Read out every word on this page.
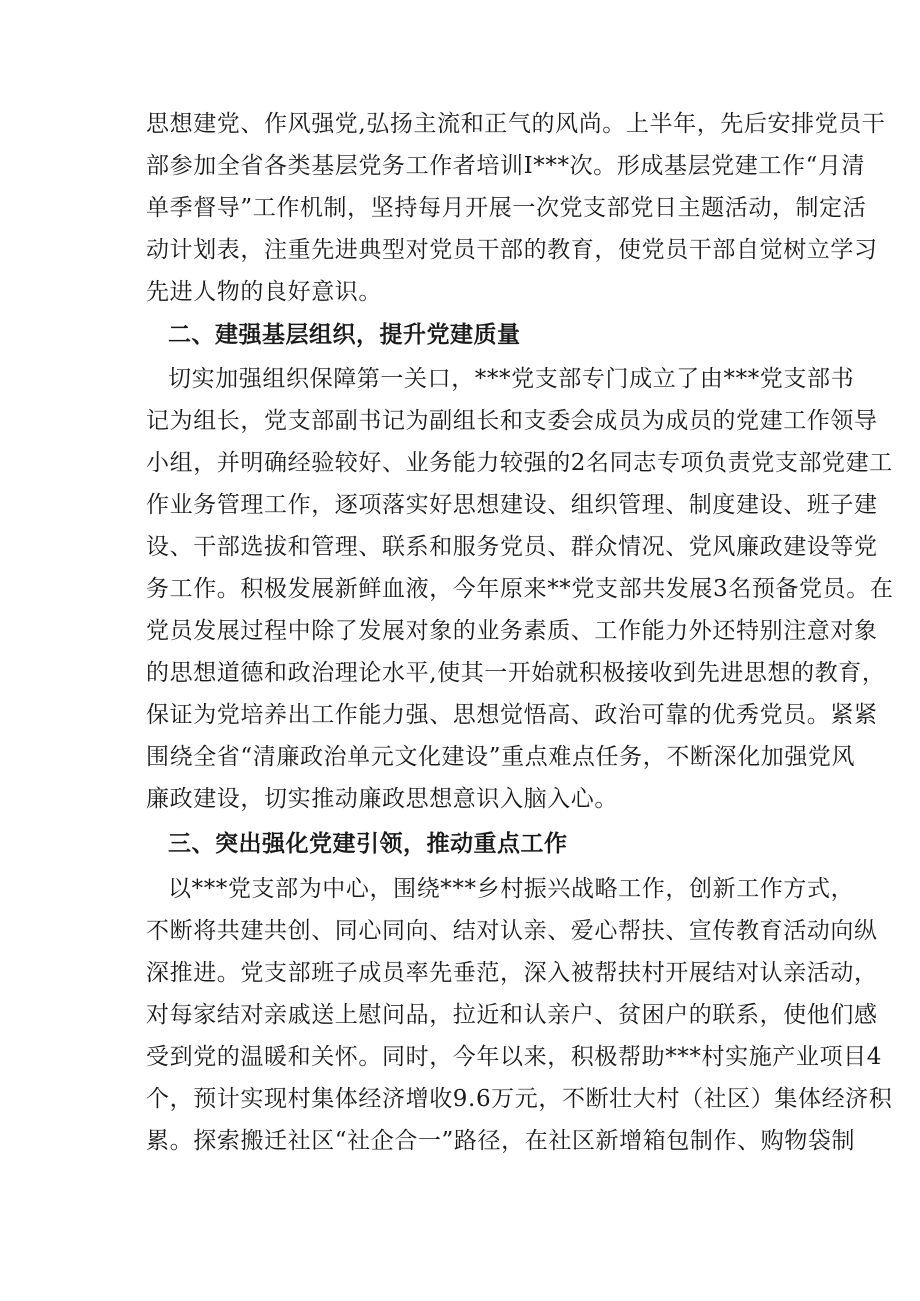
思想建党、作风强党,弘扬主流和正气的风尚。上半年，先后安排党员干
部参加全省各类基层党务工作者培训I***次。形成基层党建工作“月清
单季督导”工作机制，坚持每月开展一次党支部党日主题活动，制定活
动计划表，注重先进典型对党员干部的教育，使党员干部自觉树立学习
先进人物的良好意识。
二、建强基层组织，提升党建质量
切实加强组织保障第一关口，***党支部专门成立了由***党支部书
记为组长，党支部副书记为副组长和支委会成员为成员的党建工作领导
小组，并明确经验较好、业务能力较强的2名同志专项负责党支部党建工
作业务管理工作，逐项落实好思想建设、组织管理、制度建设、班子建
设、干部选拔和管理、联系和服务党员、群众情况、党风廉政建设等党
务工作。积极发展新鲜血液，今年原来**党支部共发展3名预备党员。在
党员发展过程中除了发展对象的业务素质、工作能力外还特别注意对象
的思想道德和政治理论水平,使其一开始就积极接收到先进思想的教育，
保证为党培养出工作能力强、思想觉悟高、政治可靠的优秀党员。紧紧
围绕全省“清廉政治单元文化建设”重点难点任务，不断深化加强党风
廉政建设，切实推动廉政思想意识入脑入心。
三、突出强化党建引领，推动重点工作
以***党支部为中心，围绕***乡村振兴战略工作，创新工作方式，
不断将共建共创、同心同向、结对认亲、爱心帮扶、宣传教育活动向纵
深推进。党支部班子成员率先垂范，深入被帮扶村开展结对认亲活动，
对每家结对亲戚送上慰问品，拉近和认亲户、贫困户的联系，使他们感
受到党的温暖和关怀。同时，今年以来，积极帮助***村实施产业项目4
个，预计实现村集体经济增收9.6万元，不断壮大村（社区）集体经济积
累。探索搬迁社区“社企合一”路径，在社区新增箱包制作、购物袋制
